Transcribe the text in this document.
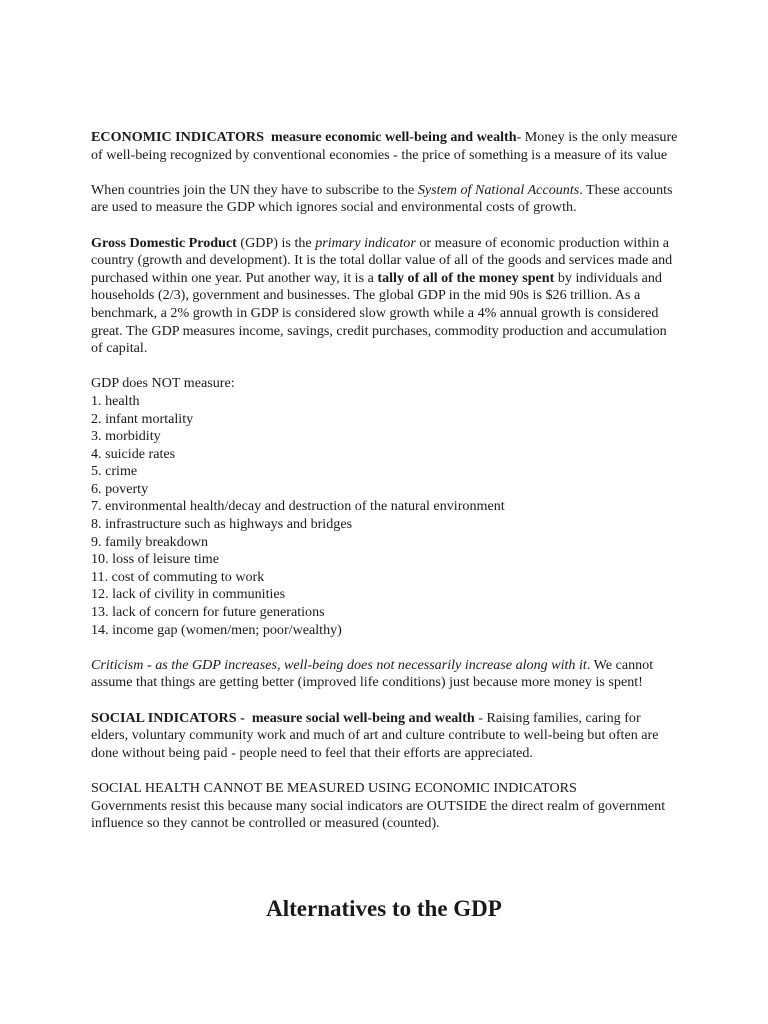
ECONOMIC INDICATORS measure economic well-being and wealth- Money is the only measure of well-being recognized by conventional economies - the price of something is a measure of its value

When countries join the UN they have to subscribe to the System of National Accounts. These accounts are used to measure the GDP which ignores social and environmental costs of growth.

Gross Domestic Product (GDP) is the primary indicator or measure of economic production within a country (growth and development). It is the total dollar value of all of the goods and services made and purchased within one year. Put another way, it is a tally of all of the money spent by individuals and households (2/3), government and businesses. The global GDP in the mid 90s is $26 trillion. As a benchmark, a 2% growth in GDP is considered slow growth while a 4% annual growth is considered great. The GDP measures income, savings, credit purchases, commodity production and accumulation of capital.

GDP does NOT measure:
1. health
2. infant mortality
3. morbidity
4. suicide rates
5. crime
6. poverty
7. environmental health/decay and destruction of the natural environment
8. infrastructure such as highways and bridges
9. family breakdown
10. loss of leisure time
11. cost of commuting to work
12. lack of civility in communities
13. lack of concern for future generations
14. income gap (women/men; poor/wealthy)

Criticism - as the GDP increases, well-being does not necessarily increase along with it. We cannot assume that things are getting better (improved life conditions) just because more money is spent!

SOCIAL INDICATORS - measure social well-being and wealth - Raising families, caring for elders, voluntary community work and much of art and culture contribute to well-being but often are done without being paid - people need to feel that their efforts are appreciated.

SOCIAL HEALTH CANNOT BE MEASURED USING ECONOMIC INDICATORS
Governments resist this because many social indicators are OUTSIDE the direct realm of government influence so they cannot be controlled or measured (counted).

Alternatives to the GDP
